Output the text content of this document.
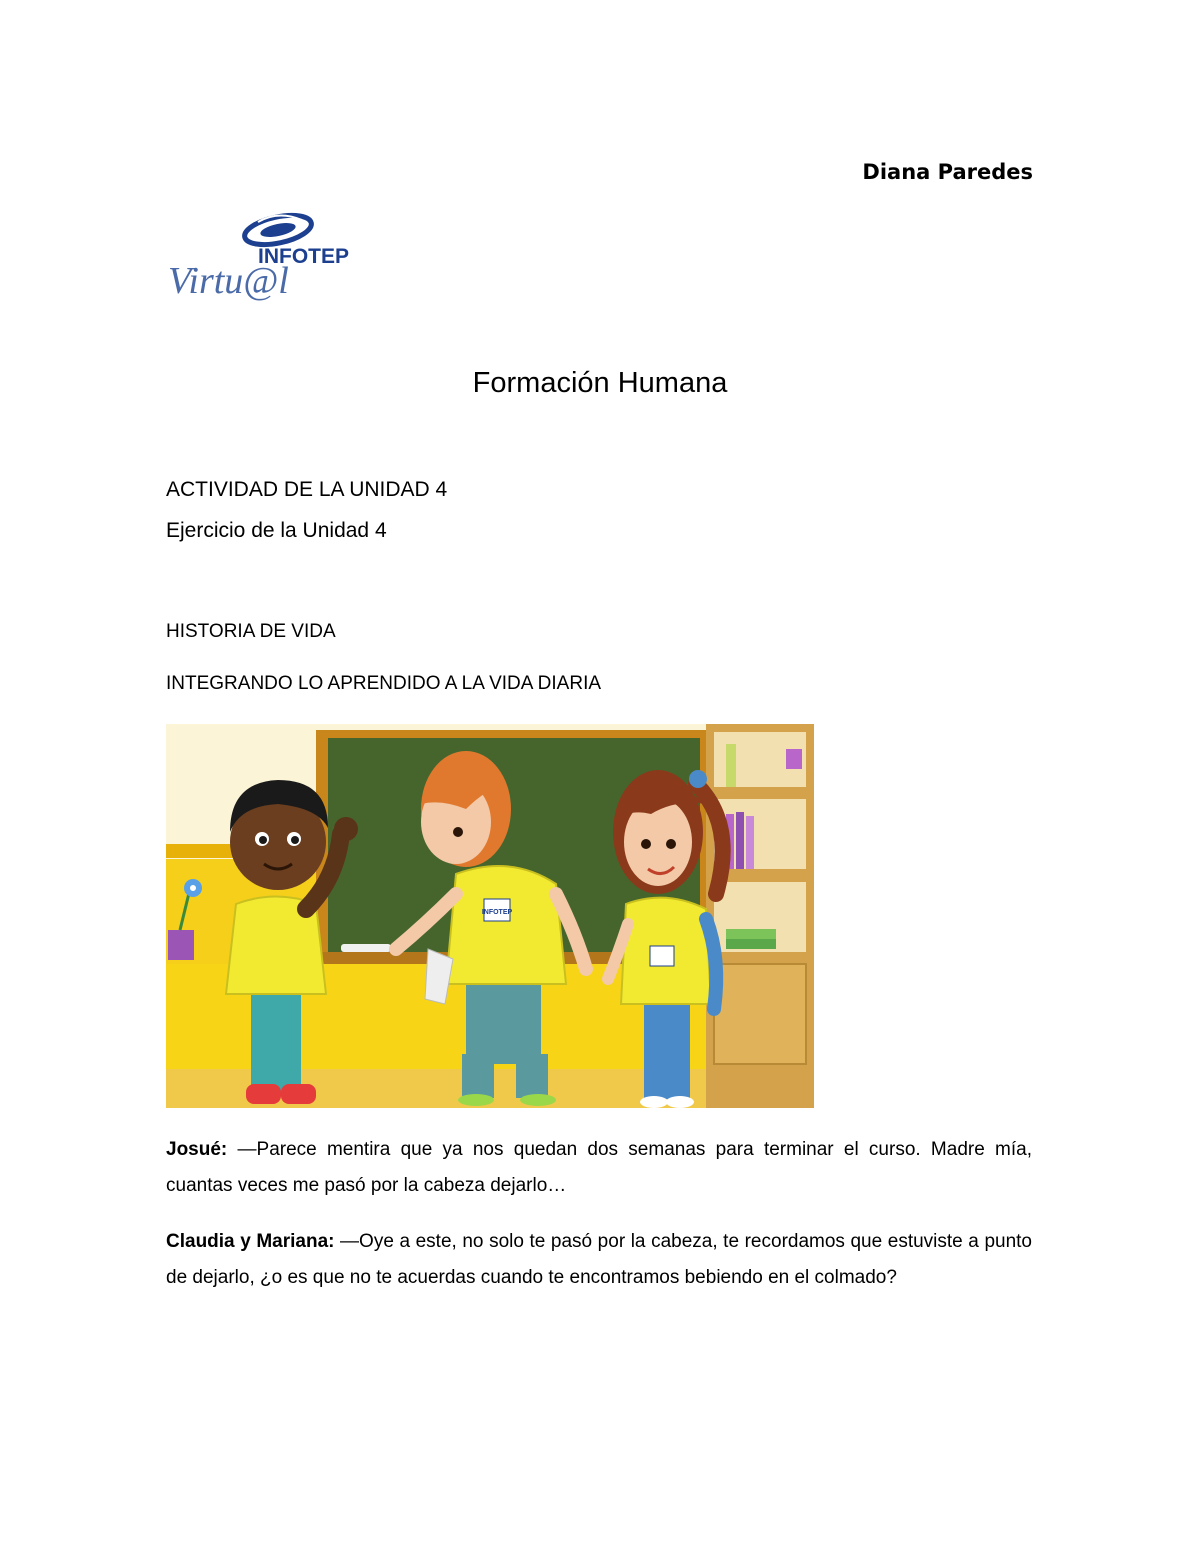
Diana Paredes
INFOTEP
Virtu@l
Formación Humana
ACTIVIDAD DE LA UNIDAD 4
Ejercicio de la Unidad 4
HISTORIA DE VIDA
INTEGRANDO LO APRENDIDO A LA VIDA DIARIA
INFOTEP
Josué: —Parece mentira que ya nos quedan dos semanas para terminar el curso. Madre mía, cuantas veces me pasó por la cabeza dejarlo…
Claudia y Mariana: —Oye a este, no solo te pasó por la cabeza, te recordamos que estuviste a punto de dejarlo, ¿o es que no te acuerdas cuando te encontramos bebiendo en el colmado?
